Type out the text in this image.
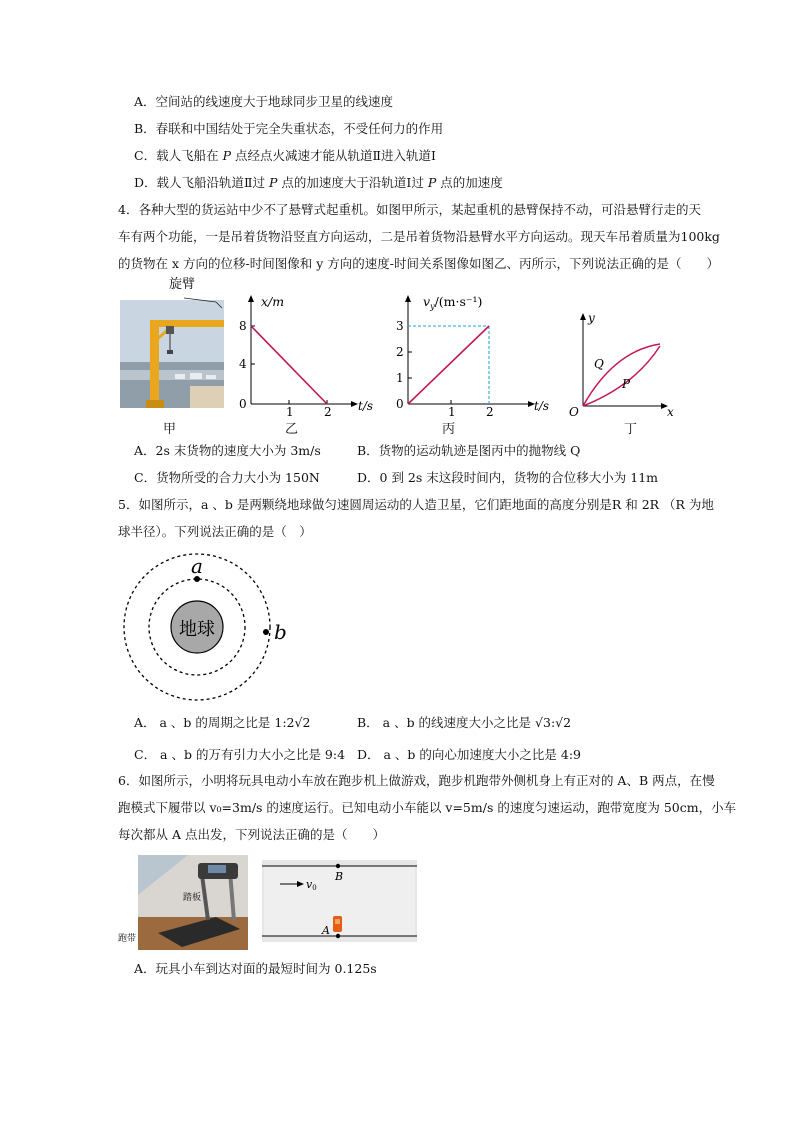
A．空间站的线速度大于地球同步卫星的线速度
B．春联和中国结处于完全失重状态，不受任何力的作用
C．载人飞船在 P 点经点火减速才能从轨道Ⅱ进入轨道Ⅰ
D．载人飞船沿轨道Ⅱ过 P 点的加速度大于沿轨道Ⅰ过 P 点的加速度
4．各种大型的货运站中少不了悬臂式起重机。如图甲所示，某起重机的悬臂保持不动，可沿悬臂行走的天
车有两个功能，一是吊着货物沿竖直方向运动，二是吊着货物沿悬臂水平方向运动。现天车吊着质量为100kg
的货物在 x 方向的位移-时间图像和 y 方向的速度-时间关系图像如图乙、丙所示，下列说法正确的是（　　）
旋臂
甲
x/m
t/s
8
4
0
1	2
乙
$v_y/(m\cdot s^{-1})$
t/s
3
2
1
0
1	2
丙
y
x
O
Q
P
丁
A．2s 末货物的速度大小为 3m/s	B．货物的运动轨迹是图丙中的抛物线 Q
C．货物所受的合力大小为 150N	D．0 到 2s 末这段时间内，货物的合位移大小为 11m
5．如图所示，a 、b 是两颗绕地球做匀速圆周运动的人造卫星，它们距地面的高度分别是R 和 2R （R 为地
球半径）。下列说法正确的是（　）
地球
a
b
A． a 、b 的周期之比是 1:2√2	B． a 、b 的线速度大小之比是 √3:√2
C． a 、b 的万有引力大小之比是 9:4 D． a 、b 的向心加速度大小之比是 4:9
6．如图所示，小明将玩具电动小车放在跑步机上做游戏，跑步机跑带外侧机身上有正对的 A、B 两点，在慢
跑模式下履带以 v₀=3m/s 的速度运行。已知电动小车能以 v=5m/s 的速度匀速运动，跑带宽度为 50cm，小车
每次都从 A 点出发，下列说法正确的是（　　）
踏板
跑带
v0
B
A
A．玩具小车到达对面的最短时间为 0.125s
